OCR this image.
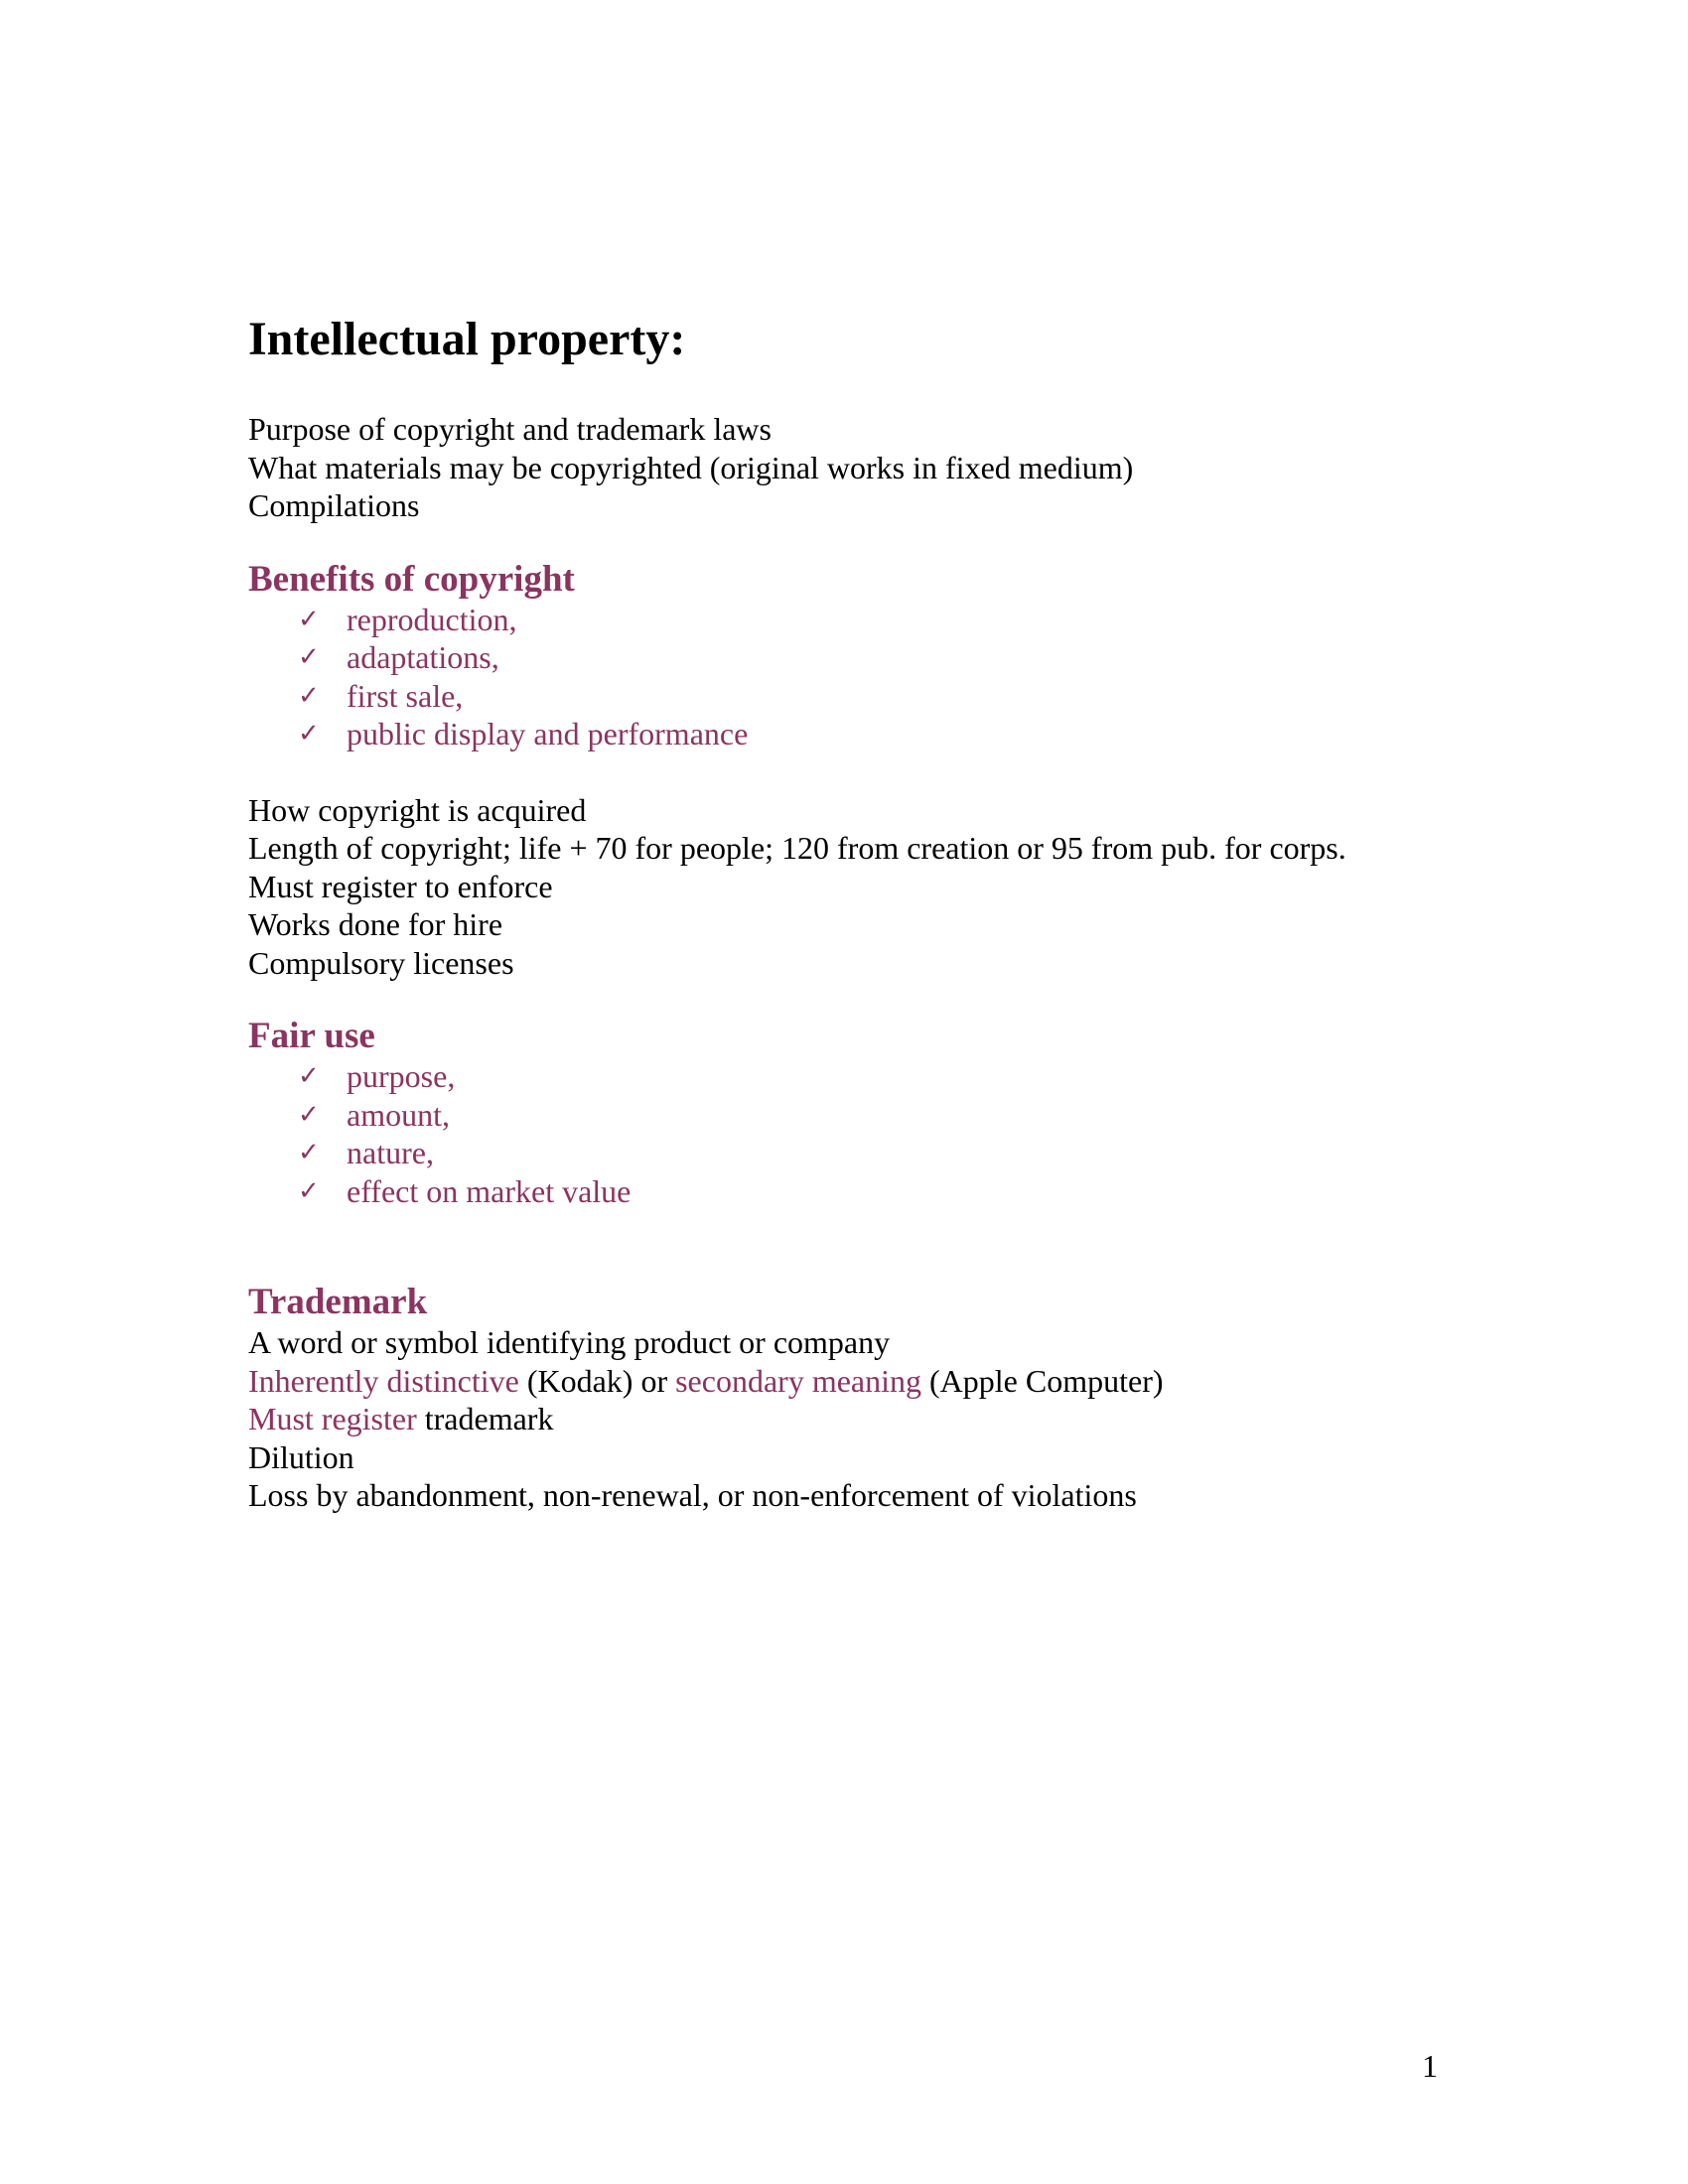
Intellectual property:

Purpose of copyright and trademark laws

What materials may be copyrighted (original works in fixed medium)

Compilations

Benefits of copyright
✓ reproduction,
✓ adaptations,
✓ first sale,
✓ public display and performance

How copyright is acquired

Length of copyright; life + 70 for people; 120 from creation or 95 from pub. for corps.

Must register to enforce

Works done for hire

Compulsory licenses

Fair use
✓ purpose,
✓ amount,
✓ nature,
✓ effect on market value
Trademark

A word or symbol identifying product or company

Inherently distinctive (Kodak) or secondary meaning (Apple Computer)

Must register trademark

Dilution

Loss by abandonment, non-renewal, or non-enforcement of violations

1
